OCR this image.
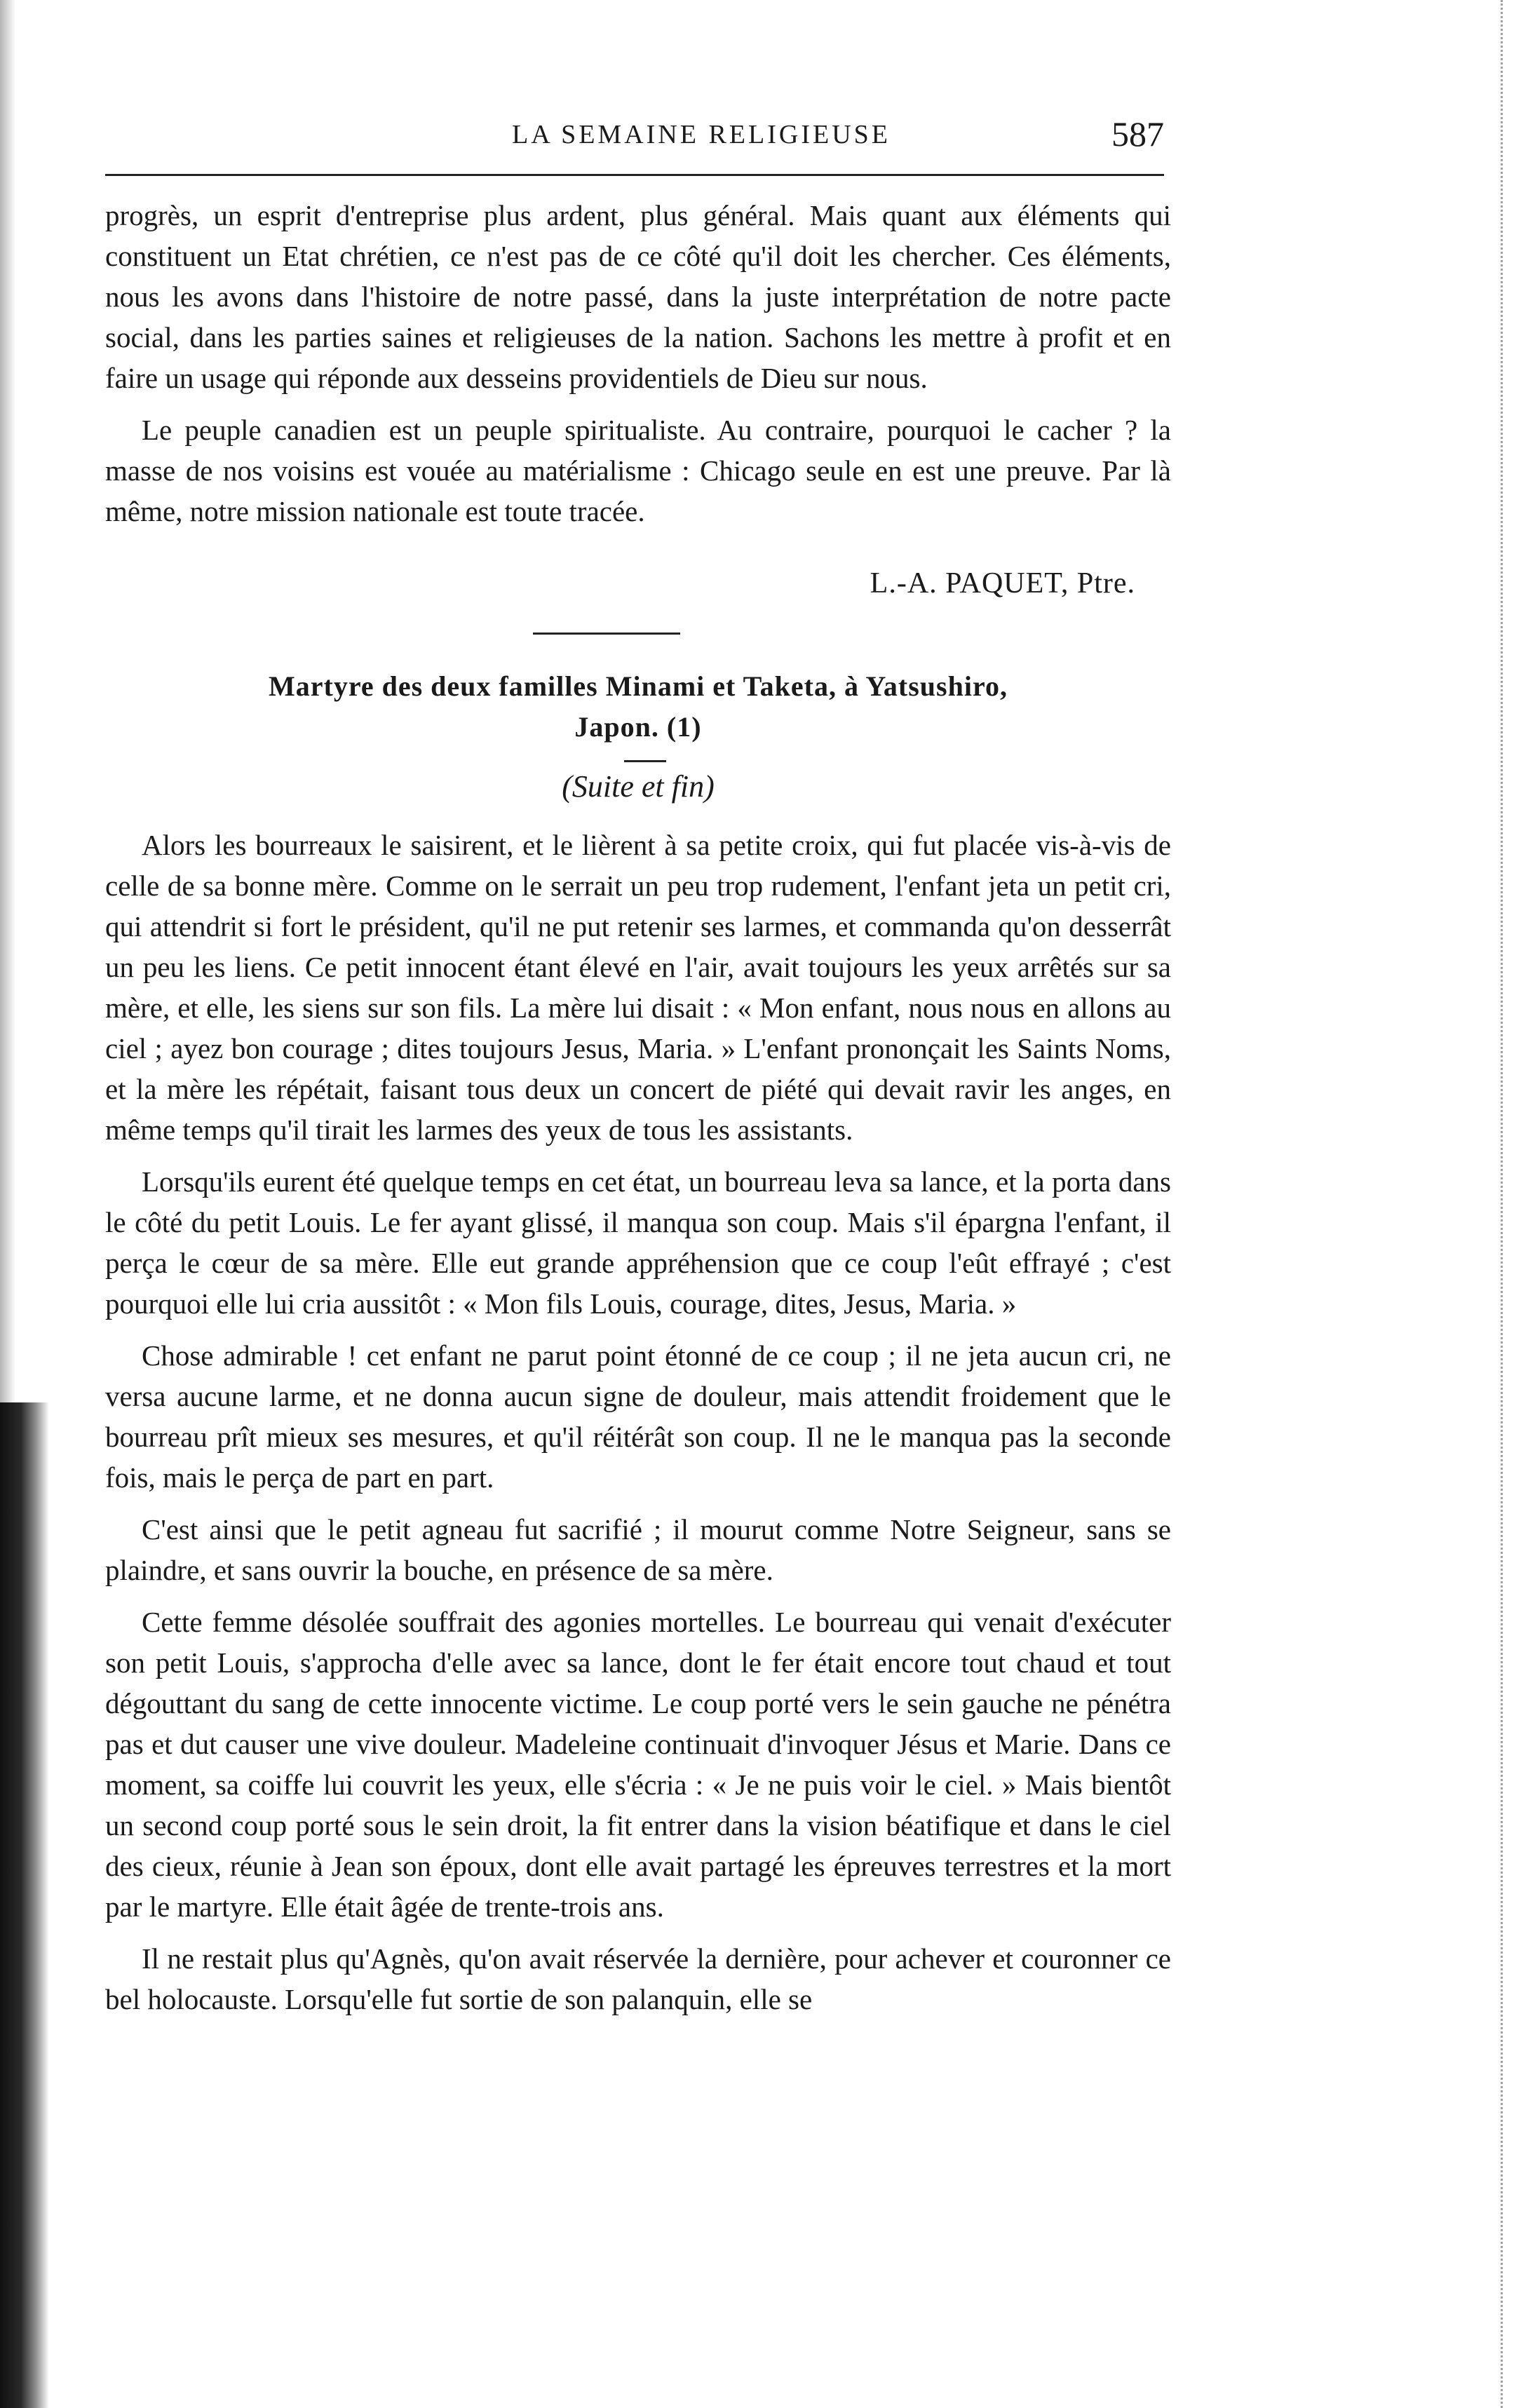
LA SEMAINE RELIGIEUSE	587

progrès, un esprit d'entreprise plus ardent, plus général. Mais quant aux éléments qui constituent un Etat chrétien, ce n'est pas de ce côté qu'il doit les chercher. Ces éléments, nous les avons dans l'histoire de notre passé, dans la juste interprétation de notre pacte social, dans les parties saines et religieuses de la nation. Sachons les mettre à profit et en faire un usage qui réponde aux desseins providentiels de Dieu sur nous.

Le peuple canadien est un peuple spiritualiste. Au contraire, pourquoi le cacher ? la masse de nos voisins est vouée au matérialisme : Chicago seule en est une preuve. Par là même, notre mission nationale est toute tracée.

L.-A. PAQUET, Ptre.
Martyre des deux familles Minami et Taketa, à Yatsushiro,
Japon. (1)
(Suite et fin)

Alors les bourreaux le saisirent, et le lièrent à sa petite croix, qui fut placée vis-à-vis de celle de sa bonne mère. Comme on le serrait un peu trop rudement, l'enfant jeta un petit cri, qui attendrit si fort le président, qu'il ne put retenir ses larmes, et commanda qu'on desserrât un peu les liens. Ce petit innocent étant élevé en l'air, avait toujours les yeux arrêtés sur sa mère, et elle, les siens sur son fils. La mère lui disait : « Mon enfant, nous nous en allons au ciel ; ayez bon courage ; dites toujours Jesus, Maria. » L'enfant prononçait les Saints Noms, et la mère les répétait, faisant tous deux un concert de piété qui devait ravir les anges, en même temps qu'il tirait les larmes des yeux de tous les assistants.

Lorsqu'ils eurent été quelque temps en cet état, un bourreau leva sa lance, et la porta dans le côté du petit Louis. Le fer ayant glissé, il manqua son coup. Mais s'il épargna l'enfant, il perça le cœur de sa mère. Elle eut grande appréhension que ce coup l'eût effrayé ; c'est pourquoi elle lui cria aussitôt : « Mon fils Louis, courage, dites, Jesus, Maria. »

Chose admirable ! cet enfant ne parut point étonné de ce coup ; il ne jeta aucun cri, ne versa aucune larme, et ne donna aucun signe de douleur, mais attendit froidement que le bourreau prît mieux ses mesures, et qu'il réitérât son coup. Il ne le manqua pas la seconde fois, mais le perça de part en part.

C'est ainsi que le petit agneau fut sacrifié ; il mourut comme Notre Seigneur, sans se plaindre, et sans ouvrir la bouche, en présence de sa mère.

Cette femme désolée souffrait des agonies mortelles. Le bourreau qui venait d'exécuter son petit Louis, s'approcha d'elle avec sa lance, dont le fer était encore tout chaud et tout dégouttant du sang de cette innocente victime. Le coup porté vers le sein gauche ne pénétra pas et dut causer une vive douleur. Madeleine continuait d'invoquer Jésus et Marie. Dans ce moment, sa coiffe lui couvrit les yeux, elle s'écria : « Je ne puis voir le ciel. » Mais bientôt un second coup porté sous le sein droit, la fit entrer dans la vision béatifique et dans le ciel des cieux, réunie à Jean son époux, dont elle avait partagé les épreuves terrestres et la mort par le martyre. Elle était âgée de trente-trois ans.

Il ne restait plus qu'Agnès, qu'on avait réservée la dernière, pour achever et couronner ce bel holocauste. Lorsqu'elle fut sortie de son palanquin, elle se
